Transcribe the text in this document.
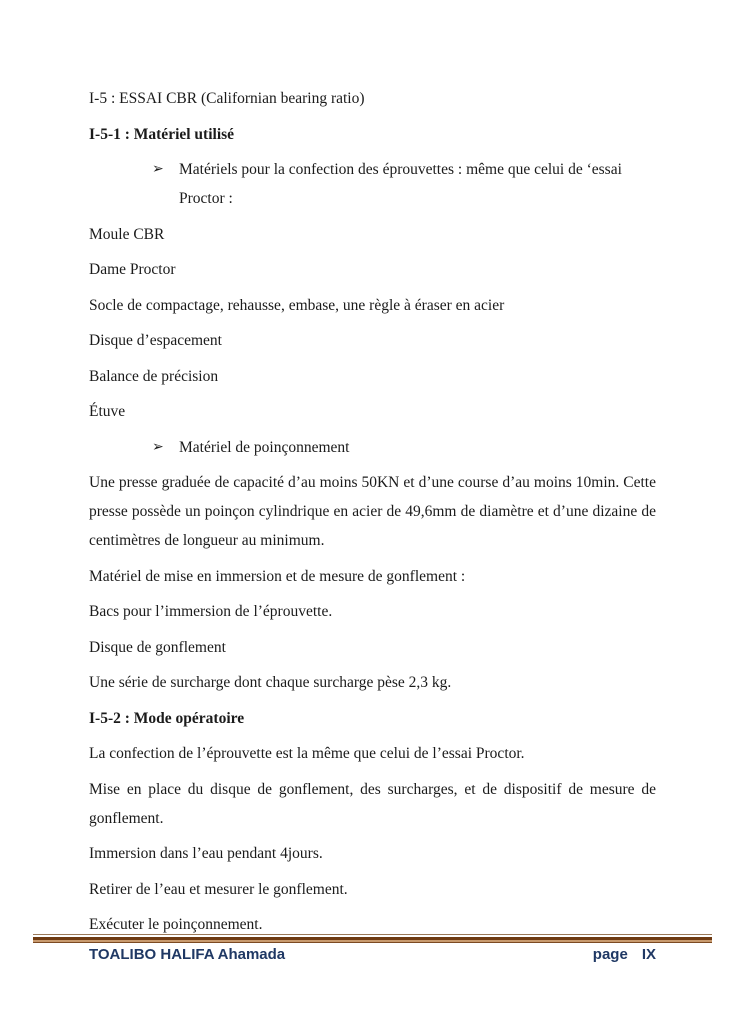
I-5 : ESSAI CBR (Californian bearing ratio)

I-5-1 : Matériel utilisé

➢ Matériels pour la confection des éprouvettes : même que celui de ‘essai Proctor :

Moule CBR

Dame Proctor

Socle de compactage, rehausse, embase, une règle à éraser en acier

Disque d’espacement

Balance de précision

Étuve

➢ Matériel de poinçonnement

Une presse graduée de capacité d’au moins 50KN et d’une course d’au moins 10min. Cette presse possède un poinçon cylindrique en acier de 49,6mm de diamètre et d’une dizaine de centimètres de longueur au minimum.

Matériel de mise en immersion et de mesure de gonflement :

Bacs pour l’immersion de l’éprouvette.

Disque de gonflement

Une série de surcharge dont chaque surcharge pèse 2,3 kg.

I-5-2 : Mode opératoire

La confection de l’éprouvette est la même que celui de l’essai Proctor.

Mise en place du disque de gonflement, des surcharges, et de dispositif de mesure de gonflement.

Immersion dans l’eau pendant 4jours.

Retirer de l’eau et mesurer le gonflement.

Exécuter le poinçonnement.

TOALIBO HALIFA Ahamada	page IX
